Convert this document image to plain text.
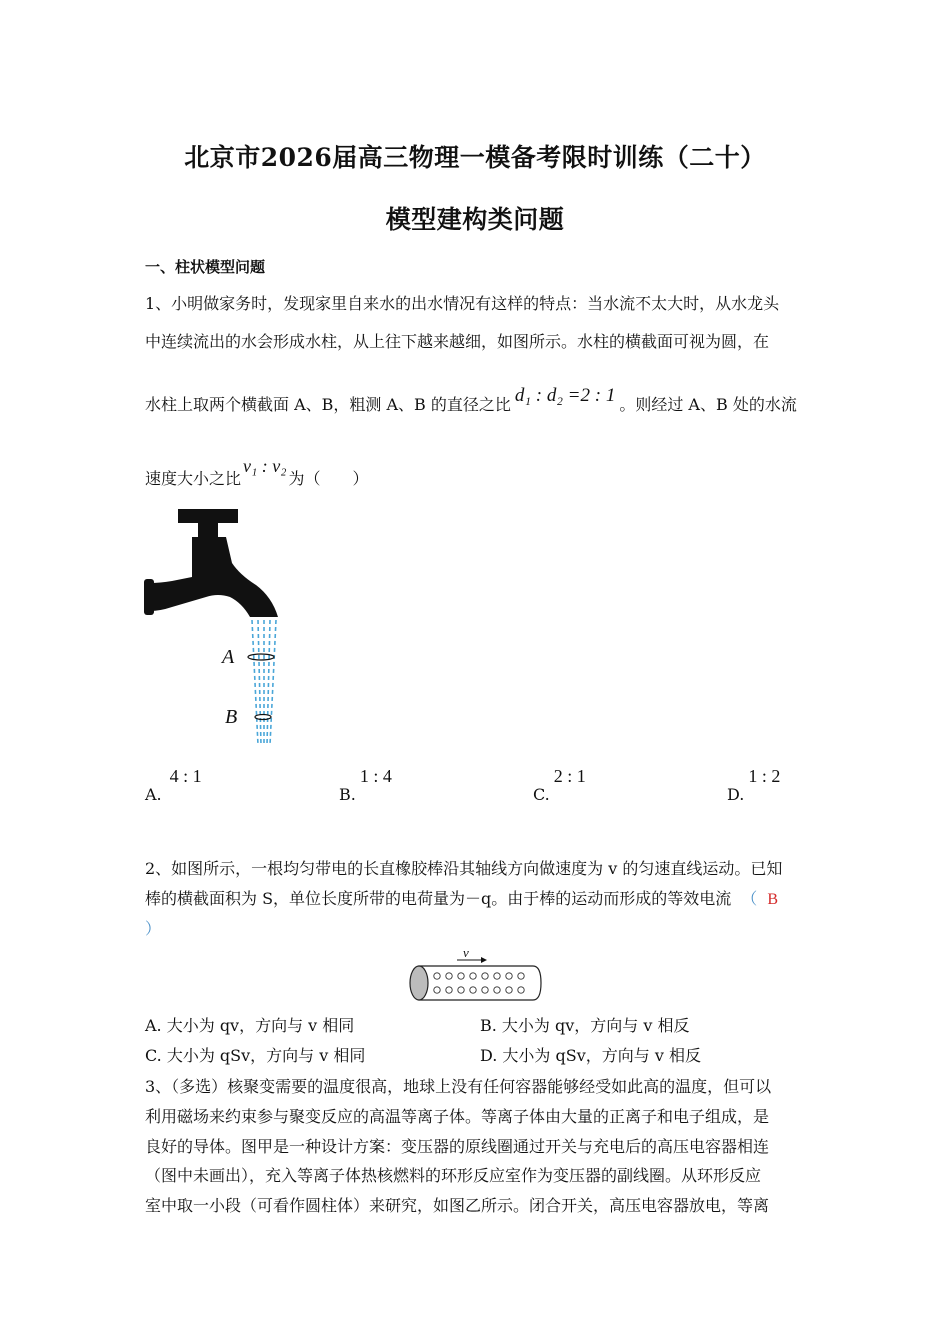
北京市2026届高三物理一模备考限时训练（二十）
模型建构类问题
一、柱状模型问题
1、小明做家务时，发现家里自来水的出水情况有这样的特点：当水流不太大时，从水龙头
中连续流出的水会形成水柱，从上往下越来越细，如图所示。水柱的横截面可视为圆，在
水柱上取两个横截面 A、B，粗测 A、B 的直径之比 d₁ : d₂ =2 : 1 。则经过 A、B 处的水流
速度大小之比v₁ : v₂为（　　）
A
B
A.4 : 1
B.1 : 4
C.2 : 1
D.1 : 2
2、如图所示，一根均匀带电的长直橡胶棒沿其轴线方向做速度为 v 的匀速直线运动。已知
棒的横截面积为 S，单位长度所带的电荷量为－q。由于棒的运动而形成的等效电流 （ B
）
v
A. 大小为 qv，方向与 v 相同	B. 大小为 qv，方向与 v 相反
C. 大小为 qSv，方向与 v 相同	D. 大小为 qSv，方向与 v 相反
3、（多选）核聚变需要的温度很高，地球上没有任何容器能够经受如此高的温度，但可以
利用磁场来约束参与聚变反应的高温等离子体。等离子体由大量的正离子和电子组成，是
良好的导体。图甲是一种设计方案：变压器的原线圈通过开关与充电后的高压电容器相连
（图中未画出），充入等离子体热核燃料的环形反应室作为变压器的副线圈。从环形反应
室中取一小段（可看作圆柱体）来研究，如图乙所示。闭合开关，高压电容器放电，等离
